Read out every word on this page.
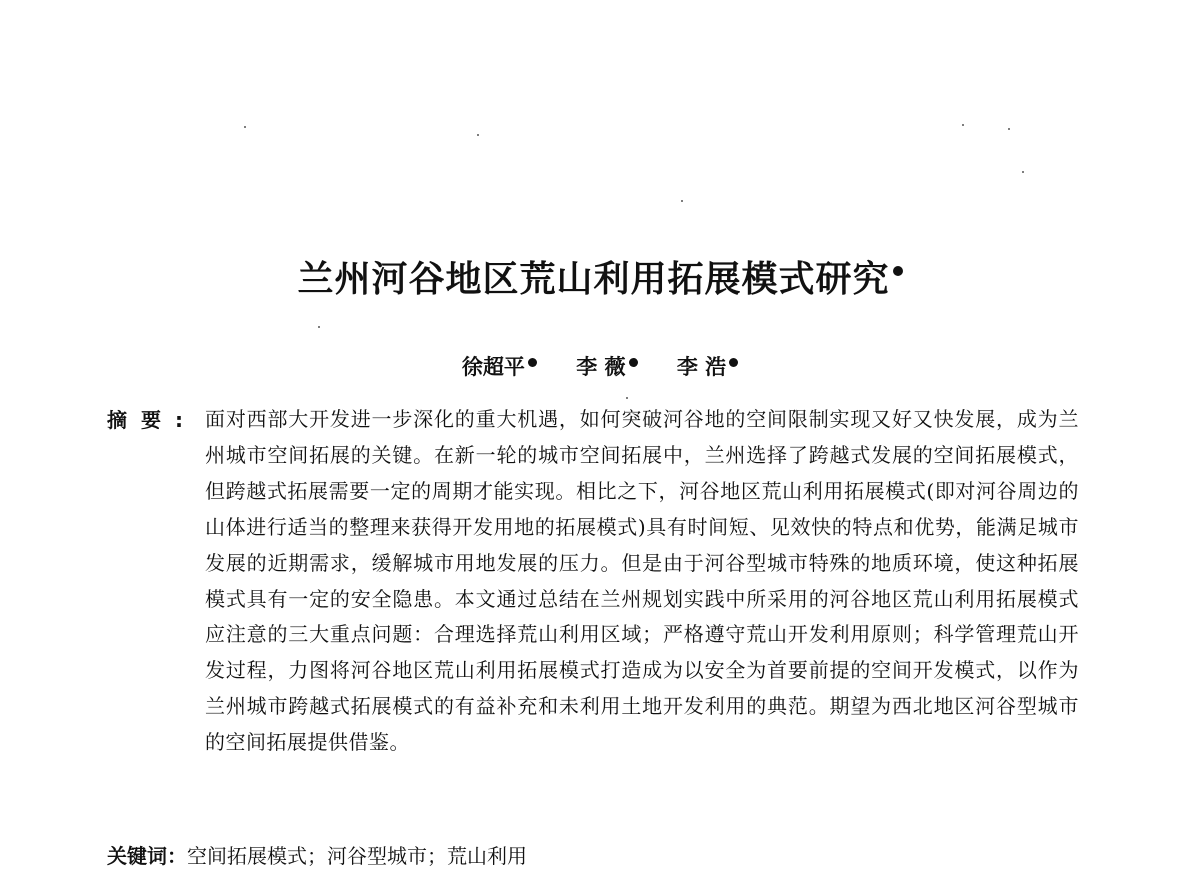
兰州河谷地区荒山利用拓展模式研究
徐超平 李 薇 李 浩
摘要: 面对西部大开发进一步深化的重大机遇，如何突破河谷地的空间限制实现又好又快发展，成为兰州城市空间拓展的关键。在新一轮的城市空间拓展中，兰州选择了跨越式发展的空间拓展模式，但跨越式拓展需要一定的周期才能实现。相比之下，河谷地区荒山利用拓展模式(即对河谷周边的山体进行适当的整理来获得开发用地的拓展模式)具有时间短、见效快的特点和优势，能满足城市发展的近期需求，缓解城市用地发展的压力。但是由于河谷型城市特殊的地质环境，使这种拓展模式具有一定的安全隐患。本文通过总结在兰州规划实践中所采用的河谷地区荒山利用拓展模式应注意的三大重点问题：合理选择荒山利用区域；严格遵守荒山开发利用原则；科学管理荒山开发过程，力图将河谷地区荒山利用拓展模式打造成为以安全为首要前提的空间开发模式，以作为兰州城市跨越式拓展模式的有益补充和未利用土地开发利用的典范。期望为西北地区河谷型城市的空间拓展提供借鉴。
关键词：空间拓展模式；河谷型城市；荒山利用
